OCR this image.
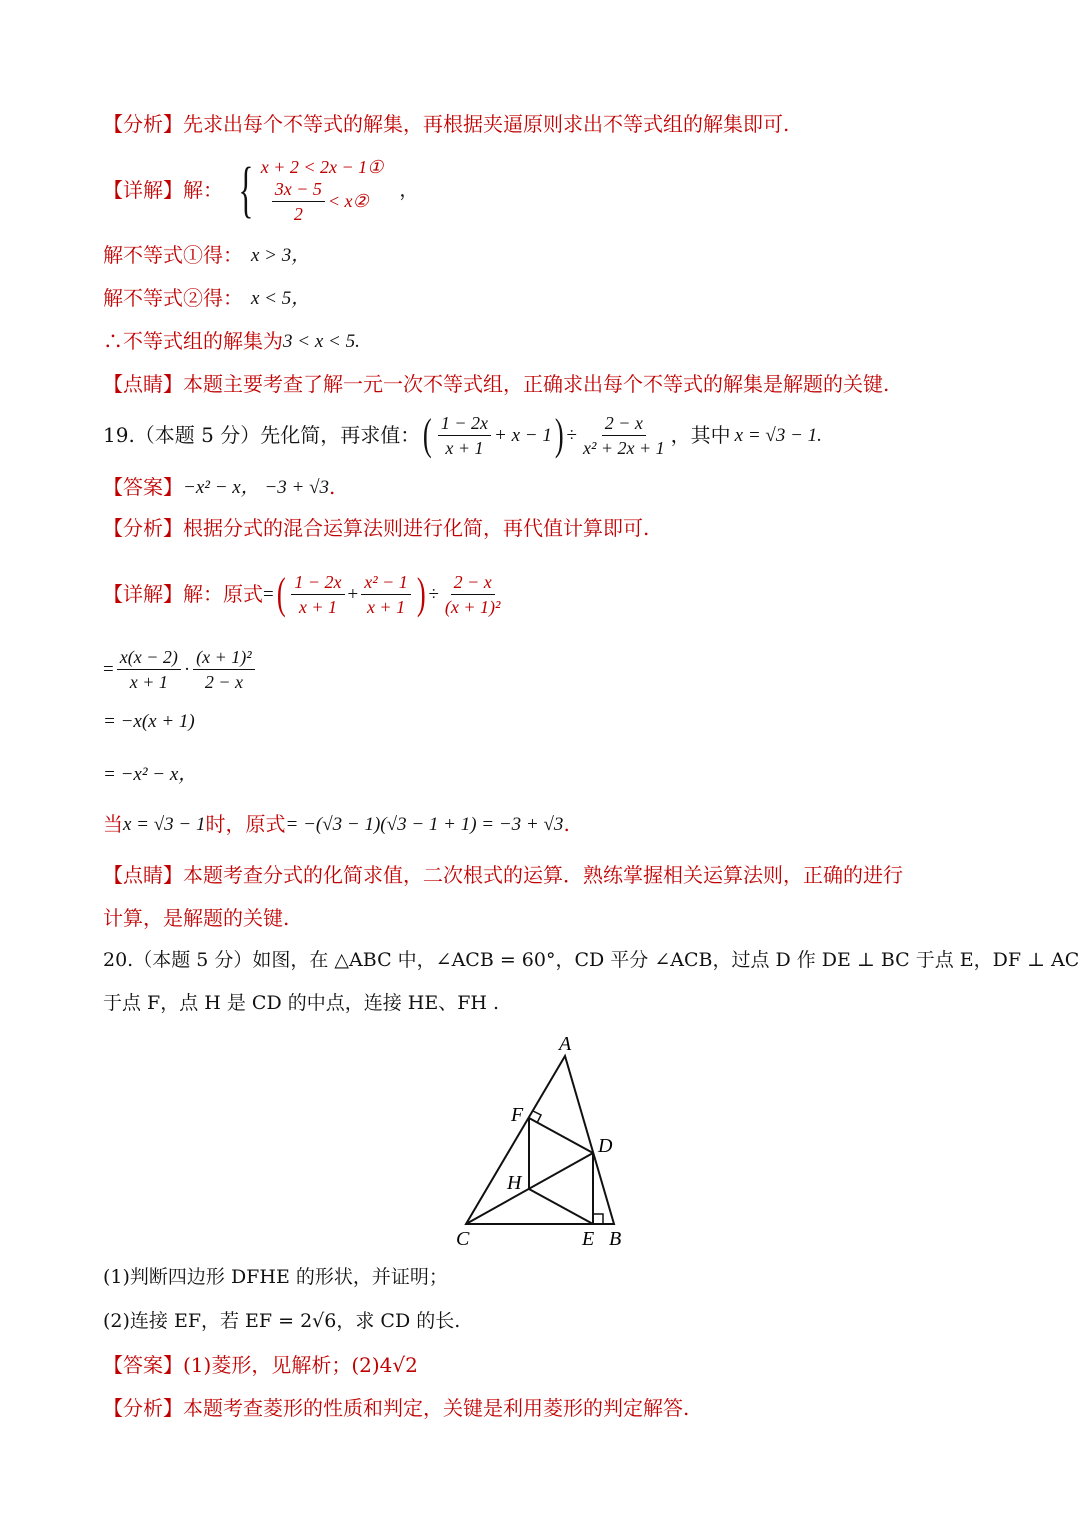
【分析】 先求出每个不等式的解集，再根据夹逼原则求出不等式组的解集即可.
【详解】 解： { x + 2 < 2x − 1①
$\frac{3x - 5}{2}$ < x②
，
解不等式①得： x > 3，
解不等式②得： x < 5，
∴不等式组的解集为 3 < x < 5.
【点睛】 本题主要考查了解一元一次不等式组，正确求出每个不等式的解集是解题的关键.
19.（本题 5 分）先化简，再求值： ( $\frac{1 - 2x}{x + 1} + x - 1$ ) ÷ $\frac{2 - x}{\text{x² + 2x + 1}}$ ，其中 x = √3 − 1.
【答案】 −x² − x， −3 + √3 .
【分析】 根据分式的混合运算法则进行化简，再代值计算即可.
【详解】 解：原式 = ( $\frac{1 - 2x}{x + 1} + \frac{\text{x² − 1}}{x + 1}$ ) ÷ $\frac{2 - x}{\text{(x + 1)²}}$
= $\frac{x(x - 2)}{x + 1} \cdot \frac{\text{(x + 1)²}}{2 - x}$
= −x(x + 1)
= −x² − x，
当 x = √3 − 1 时，原式 = −(√3 − 1)(√3 − 1 + 1) = −3 + √3 .
【点睛】 本题考查分式的化简求值，二次根式的运算．熟练掌握相关运算法则，正确的进行
计算，是解题的关键.
20.（本题 5 分）如图，在 △ABC 中，∠ACB = 60°，CD 平分 ∠ACB，过点 D 作 DE ⊥ BC 于点 E，DF ⊥ AC
于点 F，点 H 是 CD 的中点，连接 HE、FH .
A
B
C
D
E
F
H
(1)判断四边形 DFHE 的形状，并证明；
(2)连接 EF，若 EF = 2√6，求 CD 的长.
【答案】 (1)菱形，见解析；(2)4√2
【分析】 本题考查菱形的性质和判定，关键是利用菱形的判定解答.
